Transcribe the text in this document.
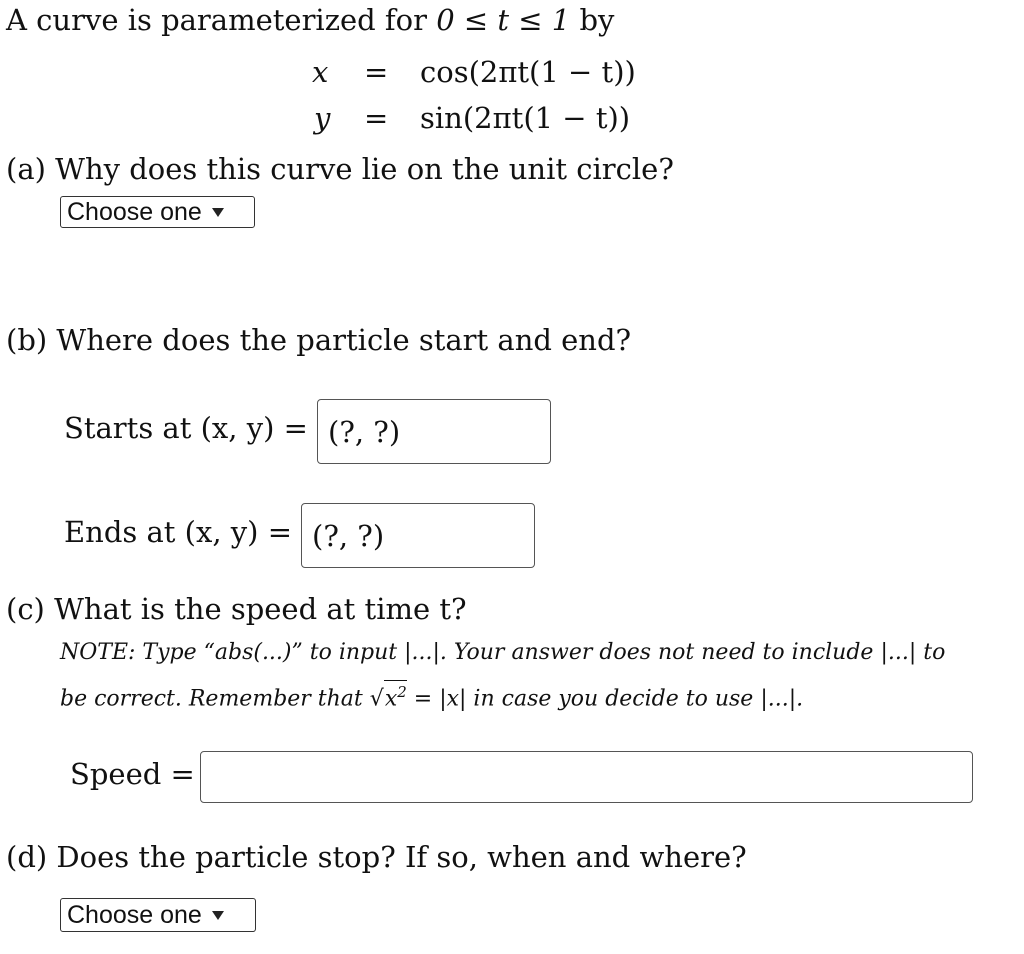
A curve is parameterized for 0 ≤ t ≤ 1 by
x = cos(2πt(1 − t))
y = sin(2πt(1 − t))
(a) Why does this curve lie on the unit circle?
Choose one
(b) Where does the particle start and end?
Starts at (x, y) =
(?, ?)
Ends at (x, y) =
(?, ?)
(c) What is the speed at time t?
NOTE: Type “abs(...)” to input |...|. Your answer does not need to include |...| to
be correct. Remember that $√x^2 = |x|$ in case you decide to use |...|.
Speed =
(d) Does the particle stop? If so, when and where?
Choose one
